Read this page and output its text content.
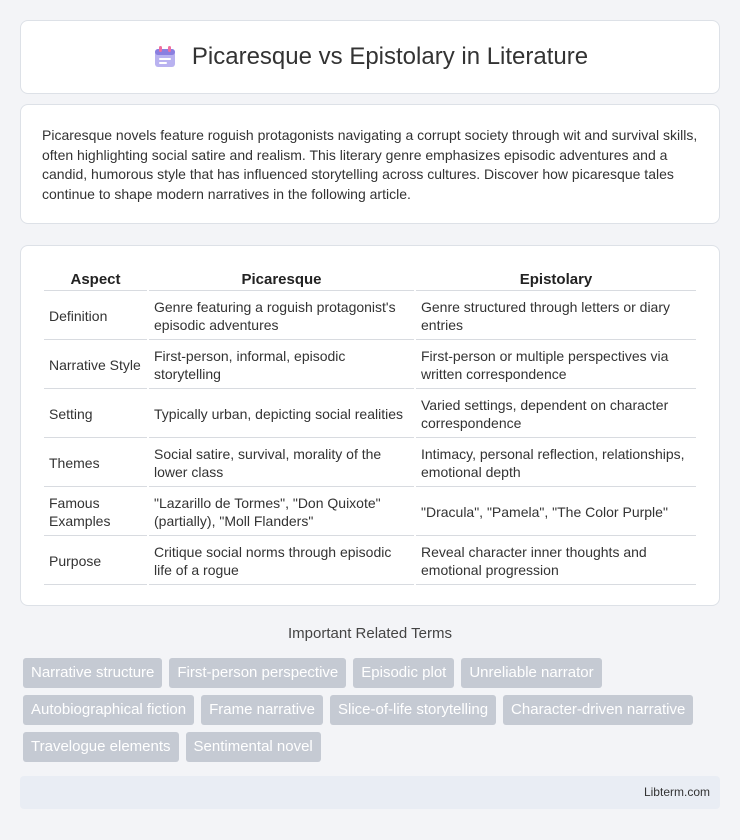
Picaresque vs Epistolary in Literature

Picaresque novels feature roguish protagonists navigating a corrupt society through wit and survival skills, often highlighting social satire and realism. This literary genre emphasizes episodic adventures and a candid, humorous style that has influenced storytelling across cultures. Discover how picaresque tales continue to shape modern narratives in the following article.

Aspect	Picaresque	Epistolary
Definition	Genre featuring a roguish protagonist's episodic adventures	Genre structured through letters or diary entries
Narrative Style	First-person, informal, episodic storytelling	First-person or multiple perspectives via written correspondence
Setting	Typically urban, depicting social realities	Varied settings, dependent on character correspondence
Themes	Social satire, survival, morality of the lower class	Intimacy, personal reflection, relationships, emotional depth
Famous Examples	"Lazarillo de Tormes", "Don Quixote" (partially), "Moll Flanders"	"Dracula", "Pamela", "The Color Purple"
Purpose	Critique social norms through episodic life of a rogue	Reveal character inner thoughts and emotional progression
Important Related Terms
Narrative structure	First-person perspective	Episodic plot	Unreliable narrator
Autobiographical fiction	Frame narrative	Slice-of-life storytelling	Character-driven narrative
Travelogue elements	Sentimental novel
Libterm.com
